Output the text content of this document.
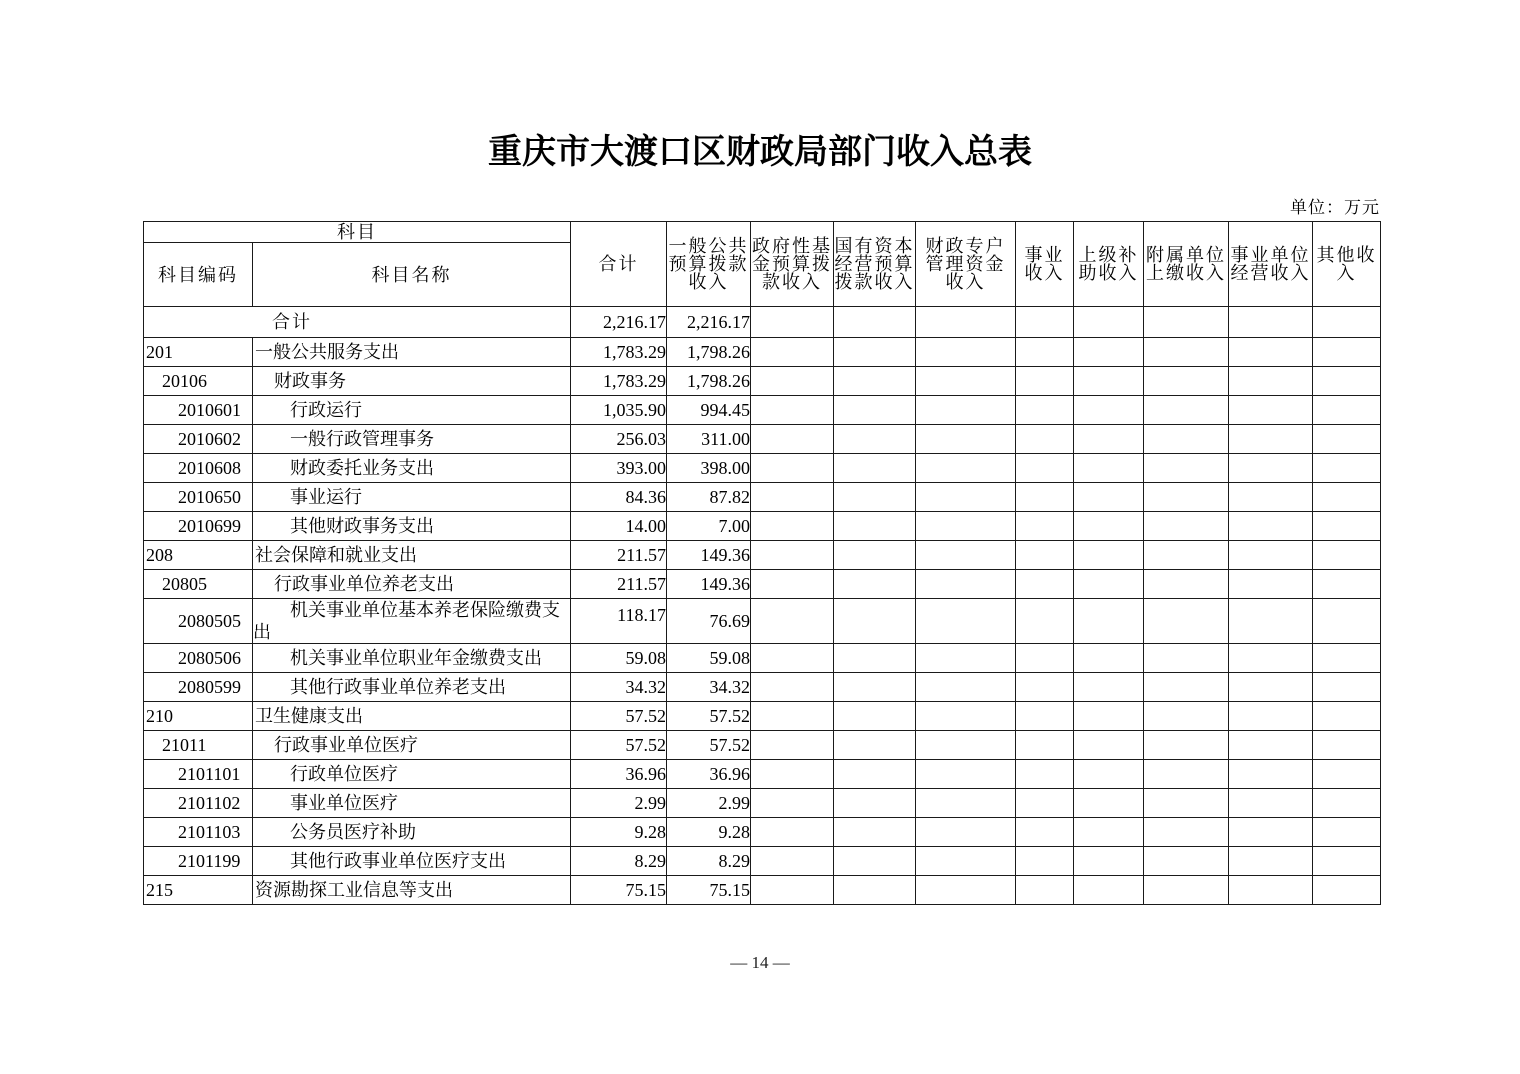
重庆市大渡口区财政局部门收入总表
单位：万元
科目		合计	一般公共预算拨款收入	政府性基金预算拨款收入	国有资本经营预算拨款收入	财政专户管理资金收入	事业收入	上级补助收入	附属单位上缴收入	事业单位经营收入	其他收入
科目编码	科目名称										
合计		2,216.17	2,216.17								
201	一般公共服务支出	1,783.29	1,798.26								
20106	财政事务	1,783.29	1,798.26								
2010601	行政运行	1,035.90	994.45								
2010602	一般行政管理事务	256.03	311.00								
2010608	财政委托业务支出	393.00	398.00								
2010650	事业运行	84.36	87.82								
2010699	其他财政事务支出	14.00	7.00								
208	社会保障和就业支出	211.57	149.36								
20805	行政事业单位养老支出	211.57	149.36								
2080505	机关事业单位基本养老保险缴费支出	118.17	76.69								
2080506	机关事业单位职业年金缴费支出	59.08	59.08								
2080599	其他行政事业单位养老支出	34.32	34.32								
210	卫生健康支出	57.52	57.52								
21011	行政事业单位医疗	57.52	57.52								
2101101	行政单位医疗	36.96	36.96								
2101102	事业单位医疗	2.99	2.99								
2101103	公务员医疗补助	9.28	9.28								
2101199	其他行政事业单位医疗支出	8.29	8.29								
215	资源勘探工业信息等支出	75.15	75.15								
— 14 —
